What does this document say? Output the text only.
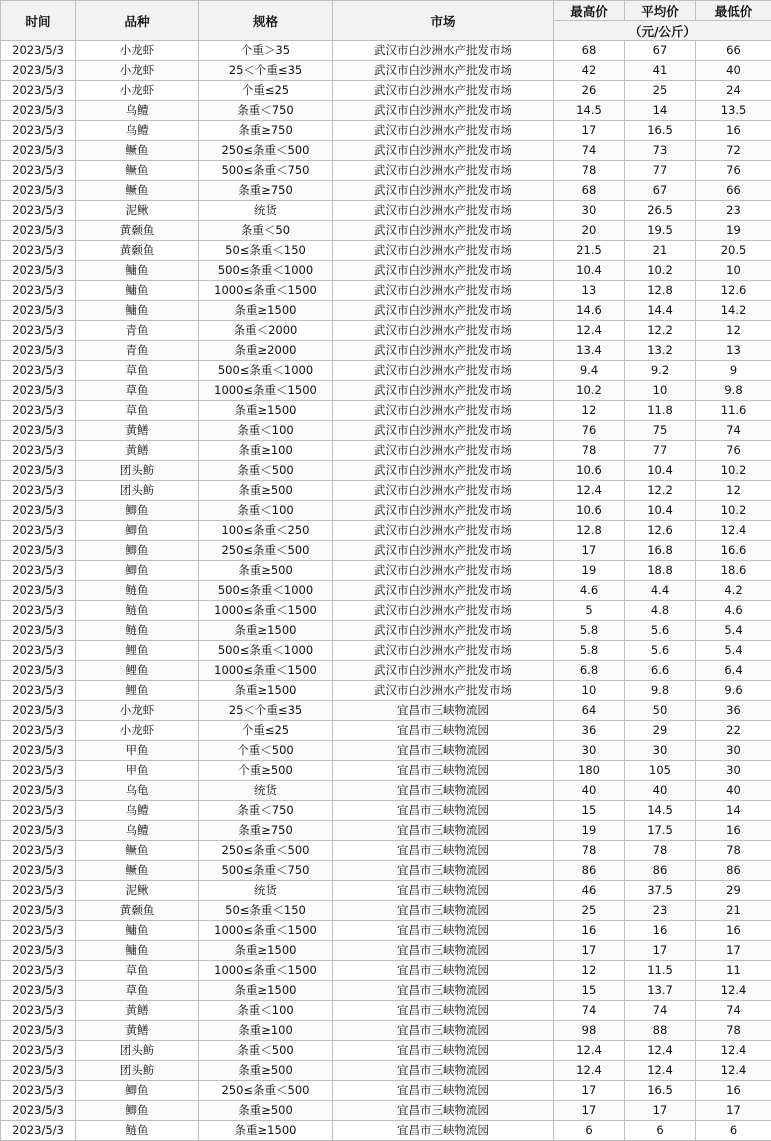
时间	品种	规格	市场	最高价	平均价	最低价
				（元/公斤）		
2023/5/3	小龙虾	个重＞35	武汉市白沙洲水产批发市场	68	67	66
2023/5/3	小龙虾	25＜个重≤35	武汉市白沙洲水产批发市场	42	41	40
2023/5/3	小龙虾	个重≤25	武汉市白沙洲水产批发市场	26	25	24
2023/5/3	乌鳢	条重＜750	武汉市白沙洲水产批发市场	14.5	14	13.5
2023/5/3	乌鳢	条重≥750	武汉市白沙洲水产批发市场	17	16.5	16
2023/5/3	鳜鱼	250≤条重＜500	武汉市白沙洲水产批发市场	74	73	72
2023/5/3	鳜鱼	500≤条重＜750	武汉市白沙洲水产批发市场	78	77	76
2023/5/3	鳜鱼	条重≥750	武汉市白沙洲水产批发市场	68	67	66
2023/5/3	泥鳅	统货	武汉市白沙洲水产批发市场	30	26.5	23
2023/5/3	黄颡鱼	条重＜50	武汉市白沙洲水产批发市场	20	19.5	19
2023/5/3	黄颡鱼	50≤条重＜150	武汉市白沙洲水产批发市场	21.5	21	20.5
2023/5/3	鳙鱼	500≤条重＜1000	武汉市白沙洲水产批发市场	10.4	10.2	10
2023/5/3	鳙鱼	1000≤条重＜1500	武汉市白沙洲水产批发市场	13	12.8	12.6
2023/5/3	鳙鱼	条重≥1500	武汉市白沙洲水产批发市场	14.6	14.4	14.2
2023/5/3	青鱼	条重＜2000	武汉市白沙洲水产批发市场	12.4	12.2	12
2023/5/3	青鱼	条重≥2000	武汉市白沙洲水产批发市场	13.4	13.2	13
2023/5/3	草鱼	500≤条重＜1000	武汉市白沙洲水产批发市场	9.4	9.2	9
2023/5/3	草鱼	1000≤条重＜1500	武汉市白沙洲水产批发市场	10.2	10	9.8
2023/5/3	草鱼	条重≥1500	武汉市白沙洲水产批发市场	12	11.8	11.6
2023/5/3	黄鳝	条重＜100	武汉市白沙洲水产批发市场	76	75	74
2023/5/3	黄鳝	条重≥100	武汉市白沙洲水产批发市场	78	77	76
2023/5/3	团头鲂	条重＜500	武汉市白沙洲水产批发市场	10.6	10.4	10.2
2023/5/3	团头鲂	条重≥500	武汉市白沙洲水产批发市场	12.4	12.2	12
2023/5/3	鲫鱼	条重＜100	武汉市白沙洲水产批发市场	10.6	10.4	10.2
2023/5/3	鲫鱼	100≤条重＜250	武汉市白沙洲水产批发市场	12.8	12.6	12.4
2023/5/3	鲫鱼	250≤条重＜500	武汉市白沙洲水产批发市场	17	16.8	16.6
2023/5/3	鲫鱼	条重≥500	武汉市白沙洲水产批发市场	19	18.8	18.6
2023/5/3	鲢鱼	500≤条重＜1000	武汉市白沙洲水产批发市场	4.6	4.4	4.2
2023/5/3	鲢鱼	1000≤条重＜1500	武汉市白沙洲水产批发市场	5	4.8	4.6
2023/5/3	鲢鱼	条重≥1500	武汉市白沙洲水产批发市场	5.8	5.6	5.4
2023/5/3	鲤鱼	500≤条重＜1000	武汉市白沙洲水产批发市场	5.8	5.6	5.4
2023/5/3	鲤鱼	1000≤条重＜1500	武汉市白沙洲水产批发市场	6.8	6.6	6.4
2023/5/3	鲤鱼	条重≥1500	武汉市白沙洲水产批发市场	10	9.8	9.6
2023/5/3	小龙虾	25＜个重≤35	宜昌市三峡物流园	64	50	36
2023/5/3	小龙虾	个重≤25	宜昌市三峡物流园	36	29	22
2023/5/3	甲鱼	个重＜500	宜昌市三峡物流园	30	30	30
2023/5/3	甲鱼	个重≥500	宜昌市三峡物流园	180	105	30
2023/5/3	乌龟	统货	宜昌市三峡物流园	40	40	40
2023/5/3	乌鳢	条重＜750	宜昌市三峡物流园	15	14.5	14
2023/5/3	乌鳢	条重≥750	宜昌市三峡物流园	19	17.5	16
2023/5/3	鳜鱼	250≤条重＜500	宜昌市三峡物流园	78	78	78
2023/5/3	鳜鱼	500≤条重＜750	宜昌市三峡物流园	86	86	86
2023/5/3	泥鳅	统货	宜昌市三峡物流园	46	37.5	29
2023/5/3	黄颡鱼	50≤条重＜150	宜昌市三峡物流园	25	23	21
2023/5/3	鳙鱼	1000≤条重＜1500	宜昌市三峡物流园	16	16	16
2023/5/3	鳙鱼	条重≥1500	宜昌市三峡物流园	17	17	17
2023/5/3	草鱼	1000≤条重＜1500	宜昌市三峡物流园	12	11.5	11
2023/5/3	草鱼	条重≥1500	宜昌市三峡物流园	15	13.7	12.4
2023/5/3	黄鳝	条重＜100	宜昌市三峡物流园	74	74	74
2023/5/3	黄鳝	条重≥100	宜昌市三峡物流园	98	88	78
2023/5/3	团头鲂	条重＜500	宜昌市三峡物流园	12.4	12.4	12.4
2023/5/3	团头鲂	条重≥500	宜昌市三峡物流园	12.4	12.4	12.4
2023/5/3	鲫鱼	250≤条重＜500	宜昌市三峡物流园	17	16.5	16
2023/5/3	鲫鱼	条重≥500	宜昌市三峡物流园	17	17	17
2023/5/3	鲢鱼	条重≥1500	宜昌市三峡物流园	6	6	6
